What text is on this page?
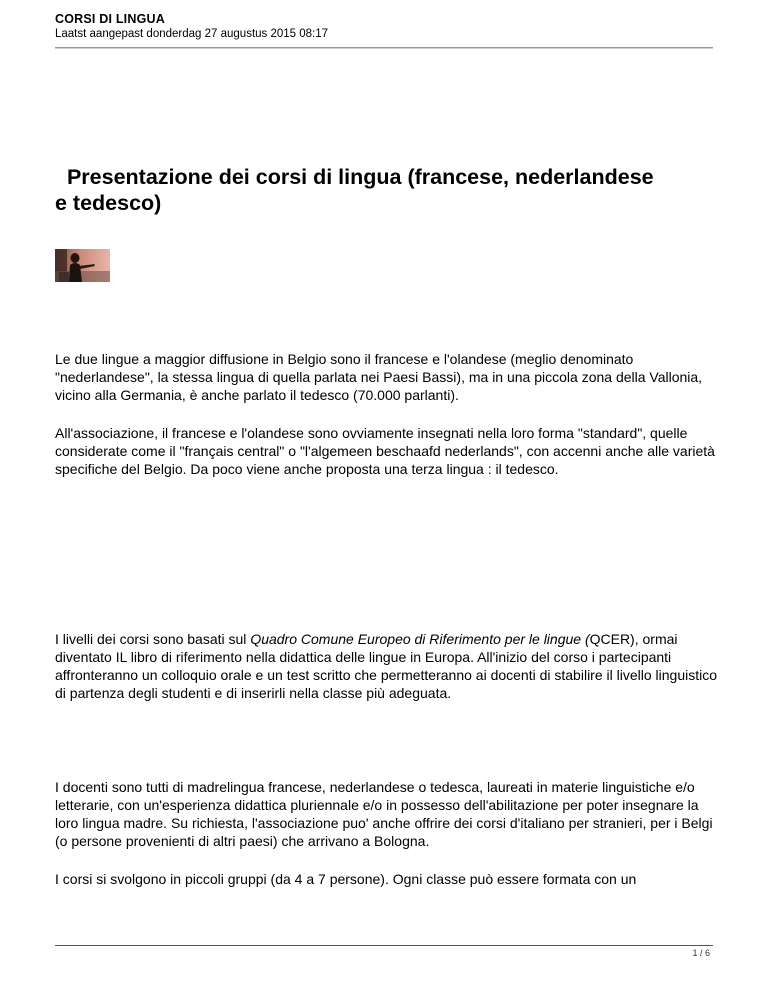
CORSI DI LINGUA
Laatst aangepast donderdag 27 augustus 2015 08:17
Presentazione dei corsi di lingua (francese, nederlandese
e tedesco)

Le due lingue a maggior diffusione in Belgio sono il francese e l'olandese (meglio denominato "nederlandese", la stessa lingua di quella parlata nei Paesi Bassi), ma in una piccola zona della Vallonia, vicino alla Germania, è anche parlato il tedesco (70.000 parlanti).

All'associazione, il francese e l'olandese sono ovviamente insegnati nella loro forma "standard", quelle considerate come il "français central" o "l'algemeen beschaafd nederlands", con accenni anche alle varietà specifiche del Belgio. Da poco viene anche proposta una terza lingua : il tedesco.

I livelli dei corsi sono basati sul Quadro Comune Europeo di Riferimento per le lingue (QCER), ormai diventato IL libro di riferimento nella didattica delle lingue in Europa. All'inizio del corso i partecipanti affronteranno un colloquio orale e un test scritto che permetteranno ai docenti di stabilire il livello linguistico di partenza degli studenti e di inserirli nella classe più adeguata.

I docenti sono tutti di madrelingua francese, nederlandese o tedesca, laureati in materie linguistiche e/o letterarie, con un'esperienza didattica pluriennale e/o in possesso dell'abilitazione per poter insegnare la loro lingua madre. Su richiesta, l'associazione puo' anche offrire dei corsi d'italiano per stranieri, per i Belgi (o persone provenienti di altri paesi) che arrivano a Bologna.

I corsi si svolgono in piccoli gruppi (da 4 a 7 persone). Ogni classe può essere formata con un

1 / 6
